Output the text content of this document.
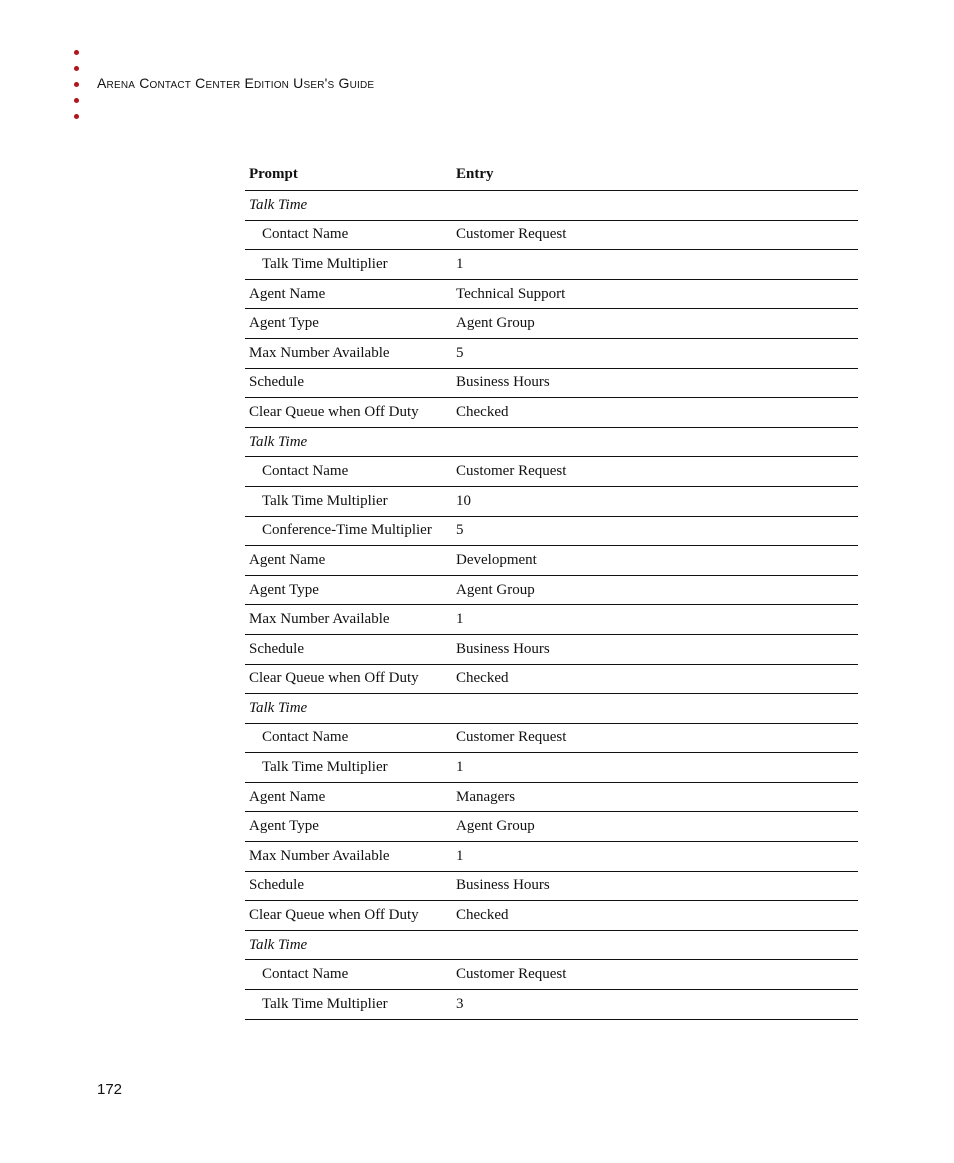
Arena Contact Center Edition User's Guide
Prompt	Entry
Talk Time	
Contact Name	Customer Request
Talk Time Multiplier	1
Agent Name	Technical Support
Agent Type	Agent Group
Max Number Available	5
Schedule	Business Hours
Clear Queue when Off Duty	Checked
Talk Time	
Contact Name	Customer Request
Talk Time Multiplier	10
Conference-Time Multiplier	5
Agent Name	Development
Agent Type	Agent Group
Max Number Available	1
Schedule	Business Hours
Clear Queue when Off Duty	Checked
Talk Time	
Contact Name	Customer Request
Talk Time Multiplier	1
Agent Name	Managers
Agent Type	Agent Group
Max Number Available	1
Schedule	Business Hours
Clear Queue when Off Duty	Checked
Talk Time	
Contact Name	Customer Request
Talk Time Multiplier	3
172
